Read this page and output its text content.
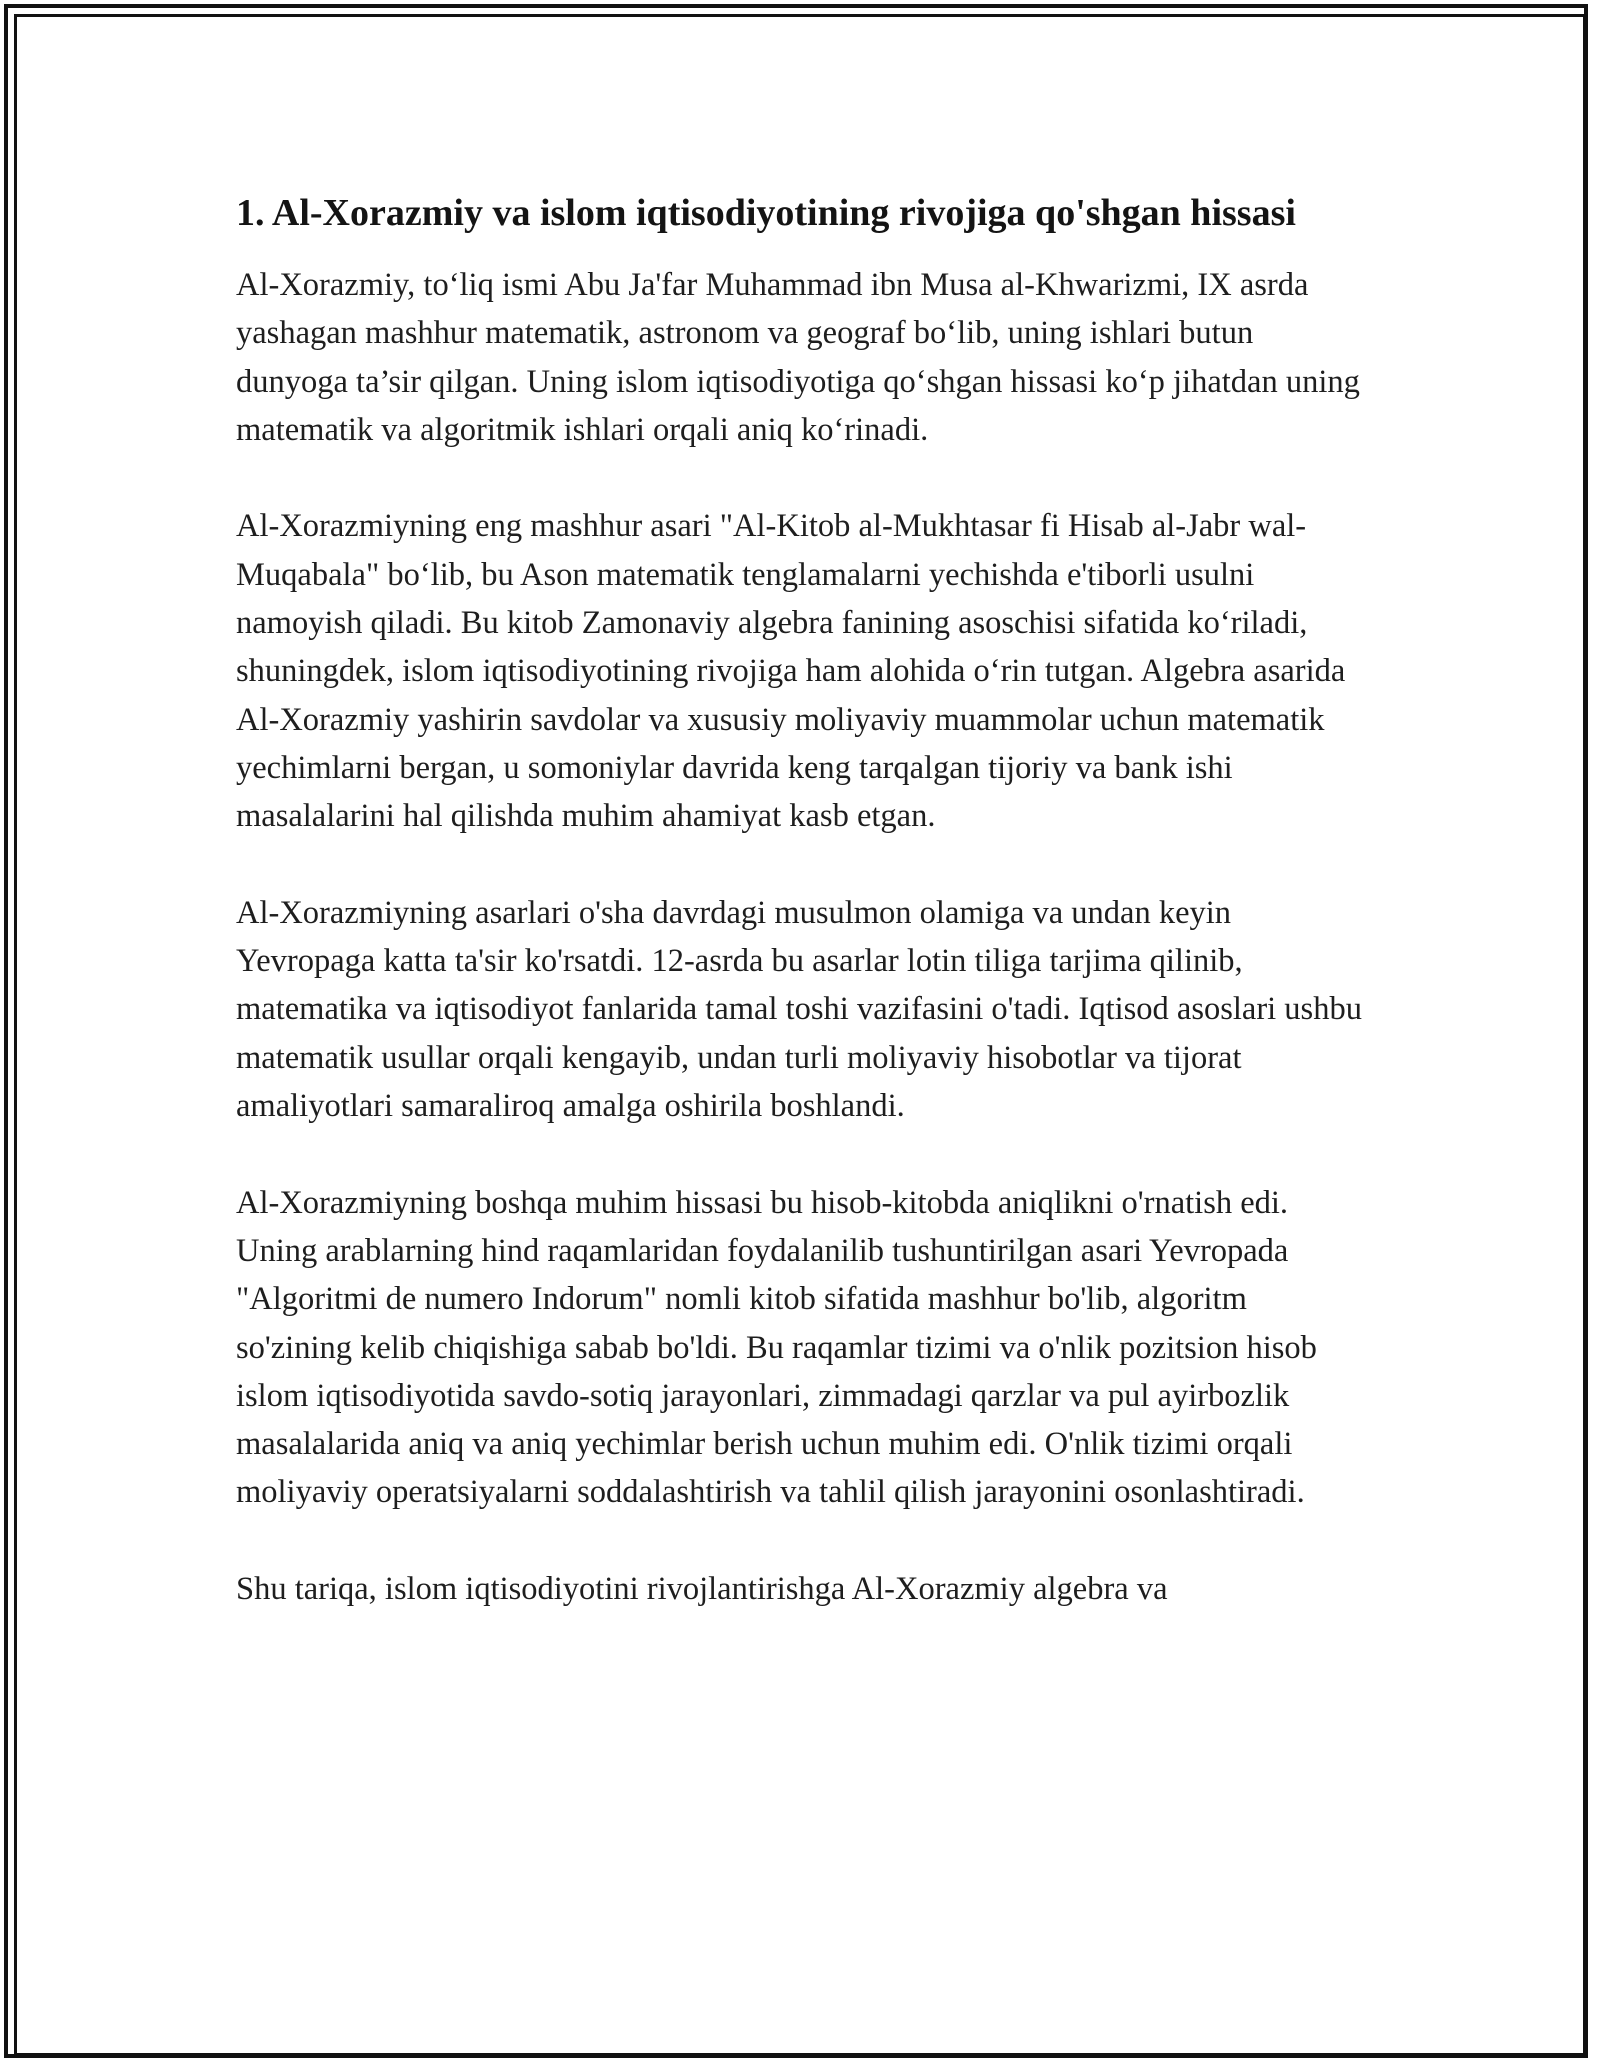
1. Al-Xorazmiy va islom iqtisodiyotining rivojiga qo'shgan hissasi

Al-Xorazmiy, to‘liq ismi Abu Ja'far Muhammad ibn Musa al-Khwarizmi, IX asrda yashagan mashhur matematik, astronom va geograf bo‘lib, uning ishlari butun dunyoga ta’sir qilgan. Uning islom iqtisodiyotiga qo‘shgan hissasi ko‘p jihatdan uning matematik va algoritmik ishlari orqali aniq ko‘rinadi.

Al-Xorazmiyning eng mashhur asari "Al-Kitob al-Mukhtasar fi Hisab al-Jabr wal-Muqabala" bo‘lib, bu Ason matematik tenglamalarni yechishda e'tiborli usulni namoyish qiladi. Bu kitob Zamonaviy algebra fanining asoschisi sifatida ko‘riladi, shuningdek, islom iqtisodiyotining rivojiga ham alohida o‘rin tutgan. Algebra asarida Al-Xorazmiy yashirin savdolar va xususiy moliyaviy muammolar uchun matematik yechimlarni bergan, u somoniylar davrida keng tarqalgan tijoriy va bank ishi masalalarini hal qilishda muhim ahamiyat kasb etgan.

Al-Xorazmiyning asarlari o'sha davrdagi musulmon olamiga va undan keyin Yevropaga katta ta'sir ko'rsatdi. 12-asrda bu asarlar lotin tiliga tarjima qilinib, matematika va iqtisodiyot fanlarida tamal toshi vazifasini o'tadi. Iqtisod asoslari ushbu matematik usullar orqali kengayib, undan turli moliyaviy hisobotlar va tijorat amaliyotlari samaraliroq amalga oshirila boshlandi.

Al-Xorazmiyning boshqa muhim hissasi bu hisob-kitobda aniqlikni o'rnatish edi. Uning arablarning hind raqamlaridan foydalanilib tushuntirilgan asari Yevropada "Algoritmi de numero Indorum" nomli kitob sifatida mashhur bo'lib, algoritm so'zining kelib chiqishiga sabab bo'ldi. Bu raqamlar tizimi va o'nlik pozitsion hisob islom iqtisodiyotida savdo-sotiq jarayonlari, zimmadagi qarzlar va pul ayirbozlik masalalarida aniq va aniq yechimlar berish uchun muhim edi. O'nlik tizimi orqali moliyaviy operatsiyalarni soddalashtirish va tahlil qilish jarayonini osonlashtiradi.

Shu tariqa, islom iqtisodiyotini rivojlantirishga Al-Xorazmiy algebra va
